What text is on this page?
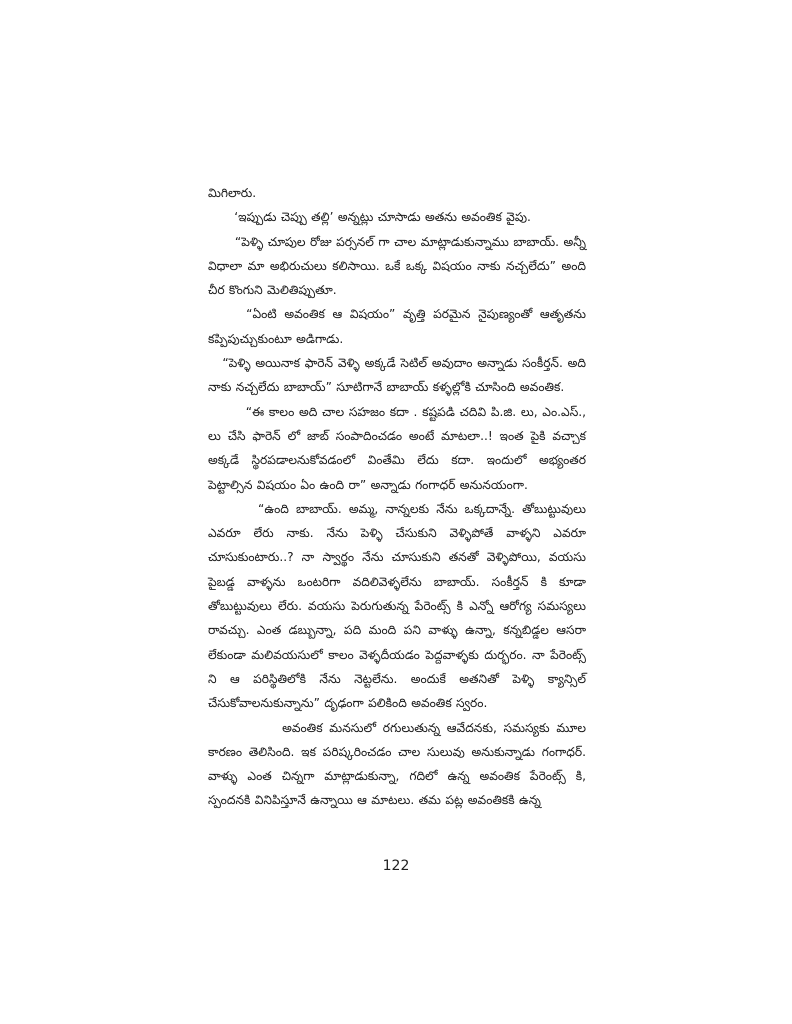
మిగిలారు.

‘ఇప్పుడు చెప్పు తల్లి’ అన్నట్లు చూసాడు అతను అవంతిక వైపు.

“పెళ్ళి చూపుల రోజు పర్సనల్ గా చాల మాట్లాడుకున్నాము బాబాయ్. అన్నీ విధాలా మా అభిరుచులు కలిసాయి. ఒకే ఒక్క విషయం నాకు నచ్చలేదు” అంది చీర కొంగుని మెలితిప్పుతూ.

“ఏంటి అవంతిక ఆ విషయం” వృత్తి పరమైన నైపుణ్యంతో ఆతృతను కప్పిపుచ్చుకుంటూ అడిగాడు.

“పెళ్ళి అయినాక ఫారెన్ వెళ్ళి అక్కడే సెటిల్ అవుదాం అన్నాడు సంకీర్తన్. అది నాకు నచ్చలేదు బాబాయ్” సూటిగానే బాబాయ్ కళ్ళల్లోకి చూసింది అవంతిక.

“ఈ కాలం అది చాల సహజం కదా . కష్టపడి చదివి పి.జి. లు, ఎం.ఎస్., లు చేసి ఫారెన్ లో జాబ్ సంపాదించడం అంటే మాటలా..! ఇంత పైకి వచ్చాక అక్కడే స్థిరపడాలనుకోవడంలో వింతేమి లేదు కదా. ఇందులో అభ్యంతర పెట్టాల్సిన విషయం ఏం ఉంది రా” అన్నాడు గంగాధర్ అనునయంగా.

“ఉంది బాబాయ్. అమ్మ, నాన్నలకు నేను ఒక్కదాన్నే. తోబుట్టువులు ఎవరూ లేరు నాకు. నేను పెళ్ళి చేసుకుని వెళ్ళిపోతే వాళ్ళని ఎవరూ చూసుకుంటారు..? నా స్వార్థం నేను చూసుకుని తనతో వెళ్ళిపోయి, వయసు పైబడ్డ వాళ్ళను ఒంటరిగా వదిలివెళ్ళలేను బాబాయ్. సంకీర్తన్ కి కూడా తోబుట్టువులు లేరు. వయసు పెరుగుతున్న పేరెంట్స్ కి ఎన్నో ఆరోగ్య సమస్యలు రావచ్చు. ఎంత డబ్బున్నా, పది మంది పని వాళ్ళు ఉన్నా, కన్నబిడ్డల ఆసరా లేకుండా మలివయసులో కాలం వెళ్ళదీయడం పెద్దవాళ్ళకు దుర్భరం. నా పేరెంట్స్ ని ఆ పరిస్థితిలోకి నేను నెట్టలేను. అందుకే అతనితో పెళ్ళి క్యాన్సిల్ చేసుకోవాలనుకున్నాను” దృఢంగా పలికింది అవంతిక స్వరం.

అవంతిక మనసులో రగులుతున్న ఆవేదనకు, సమస్యకు మూల కారణం తెలిసింది. ఇక పరిష్కరించడం చాల సులువు అనుకున్నాడు గంగాధర్. వాళ్ళు ఎంత చిన్నగా మాట్లాడుకున్నా, గదిలో ఉన్న అవంతిక పేరెంట్స్ కి, స్పందనకి వినిపిస్తూనే ఉన్నాయి ఆ మాటలు. తమ పట్ల అవంతికకి ఉన్న

122
